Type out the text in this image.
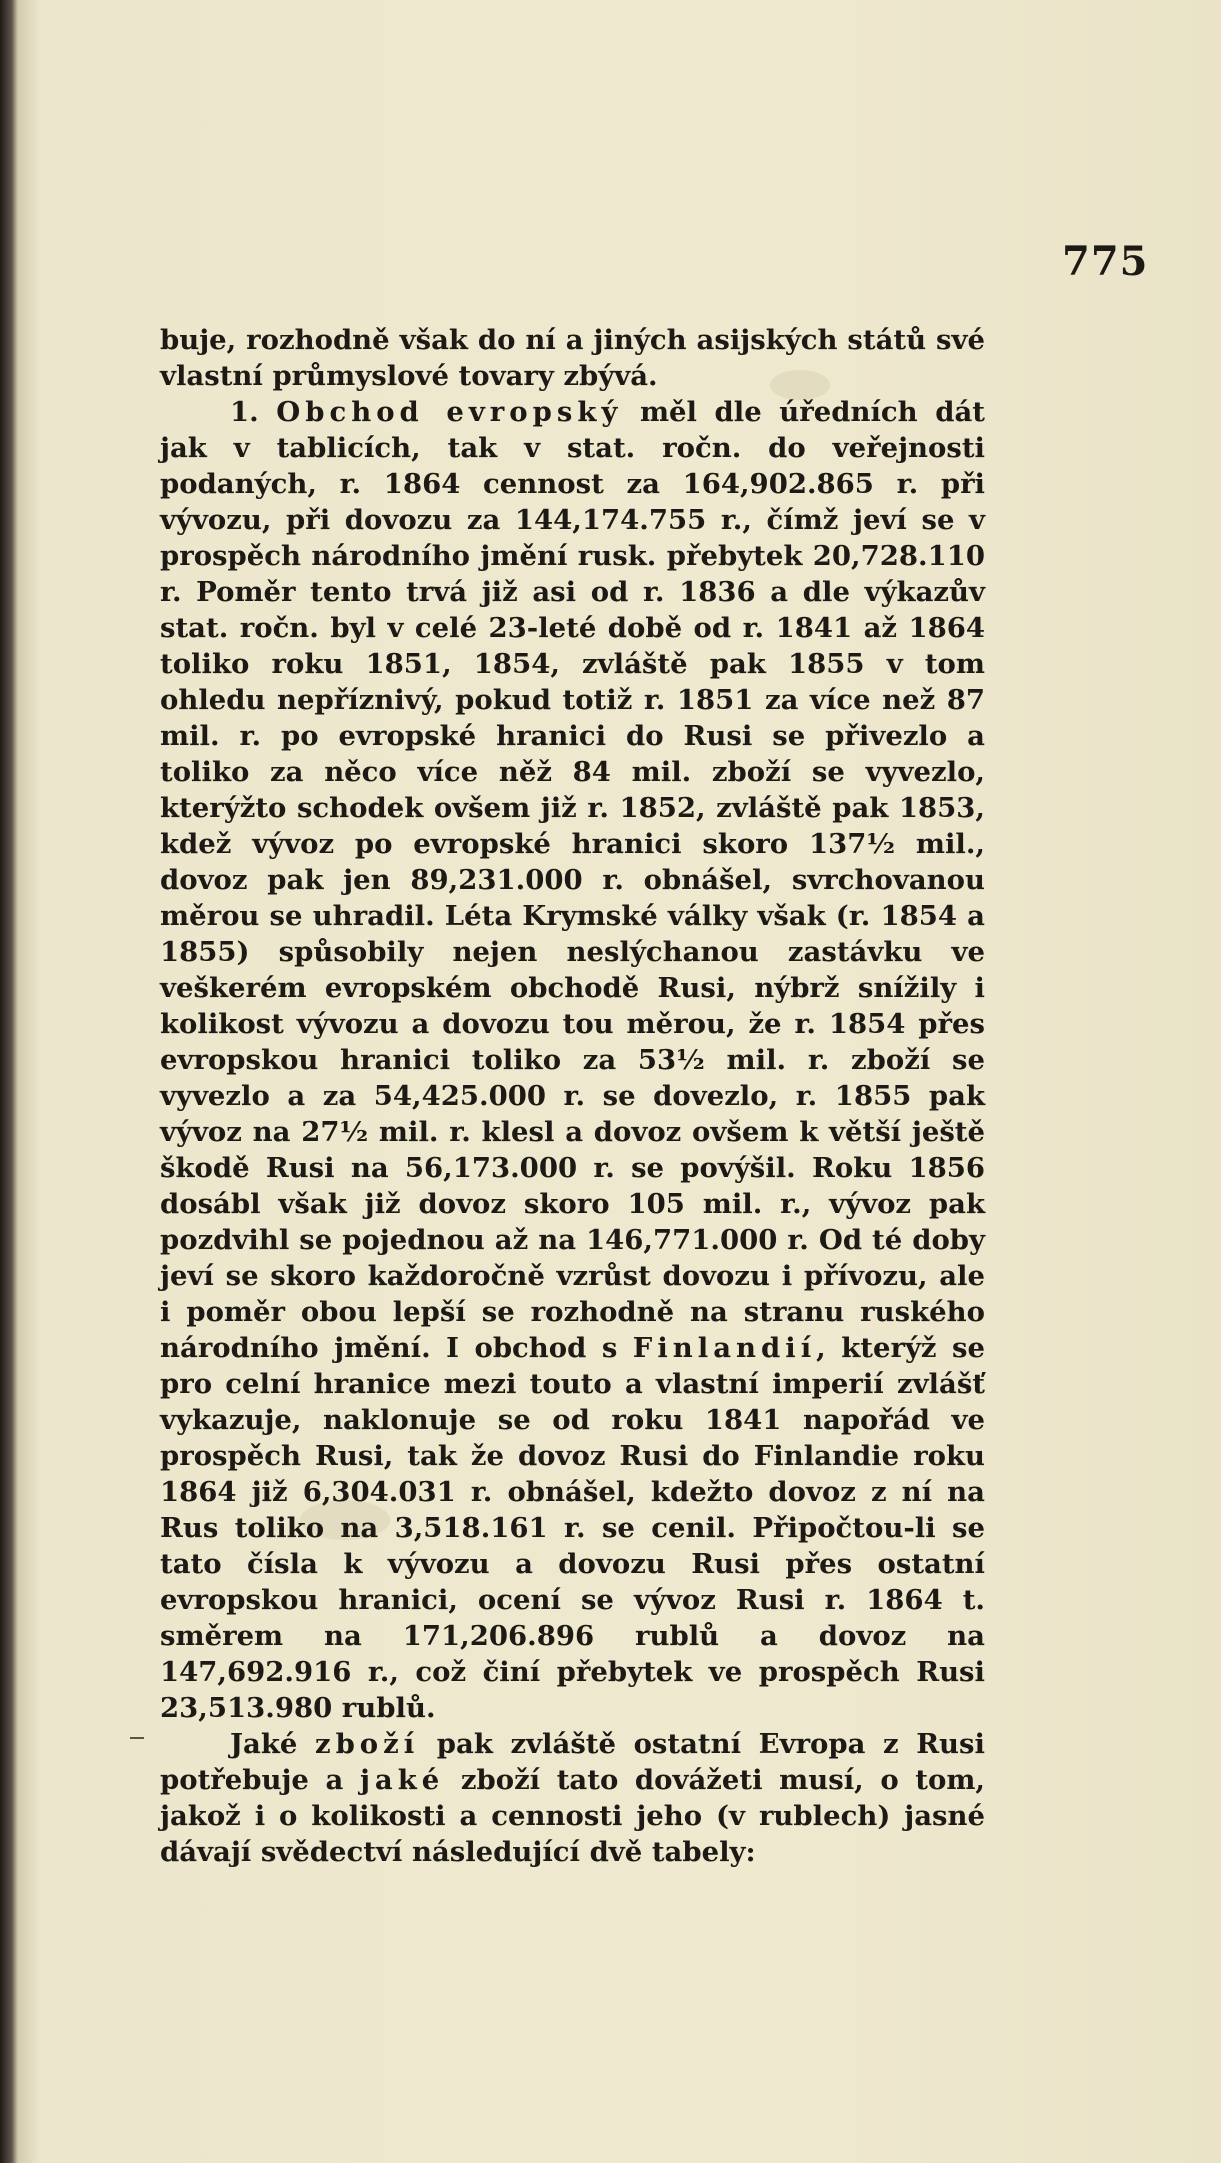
775

buje, rozhodně však do ní a jiných asijských států své vlastní průmyslové tovary zbývá.

1. Obchod evropský měl dle úředních dát jak v tablicích, tak v stat. ročn. do veřejnosti podaných, r. 1864 cennost za 164,902.865 r. při vývozu, při dovozu za 144,174.755 r., čímž jeví se v prospěch národního jmění rusk. přebytek 20,728.110 r. Poměr tento trvá již asi od r. 1836 a dle výkazův stat. ročn. byl v celé 23-leté době od r. 1841 až 1864 toliko roku 1851, 1854, zvláště pak 1855 v tom ohledu nepříznivý, pokud totiž r. 1851 za více než 87 mil. r. po evropské hranici do Rusi se přivezlo a toliko za něco více něž 84 mil. zboží se vyvezlo, kterýžto schodek ovšem již r. 1852, zvláště pak 1853, kdež vývoz po evropské hranici skoro 137½ mil., dovoz pak jen 89,231.000 r. obnášel, svrchovanou měrou se uhradil. Léta Krymské války však (r. 1854 a 1855) spůsobily nejen neslýchanou zastávku ve veškerém evropském obchodě Rusi, nýbrž snížily i kolikost vývozu a dovozu tou měrou, že r. 1854 přes evropskou hranici toliko za 53½ mil. r. zboží se vyvezlo a za 54,425.000 r. se dovezlo, r. 1855 pak vývoz na 27½ mil. r. klesl a dovoz ovšem k větší ještě škodě Rusi na 56,173.000 r. se povýšil. Roku 1856 dosábl však již dovoz skoro 105 mil. r., vývoz pak pozdvihl se pojednou až na 146,771.000 r. Od té doby jeví se skoro každoročně vzrůst dovozu i přívozu, ale i poměr obou lepší se rozhodně na stranu ruského národního jmění. I obchod s Finlandií, kterýž se pro celní hranice mezi touto a vlastní imperií zvlášť vykazuje, naklonuje se od roku 1841 napořád ve prospěch Rusi, tak že dovoz Rusi do Finlandie roku 1864 již 6,304.031 r. obnášel, kdežto dovoz z ní na Rus toliko na 3,518.161 r. se cenil. Připočtou-li se tato čísla k vývozu a dovozu Rusi přes ostatní evropskou hranici, ocení se vývoz Rusi r. 1864 t. směrem na 171,206.896 rublů a dovoz na 147,692.916 r., což činí přebytek ve prospěch Rusi 23,513.980 rublů.

Jaké zboží pak zvláště ostatní Evropa z Rusi potřebuje a jaké zboží tato dovážeti musí, o tom, jakož i o kolikosti a cennosti jeho (v rublech) jasné dávají svědectví následující dvě tabely:
